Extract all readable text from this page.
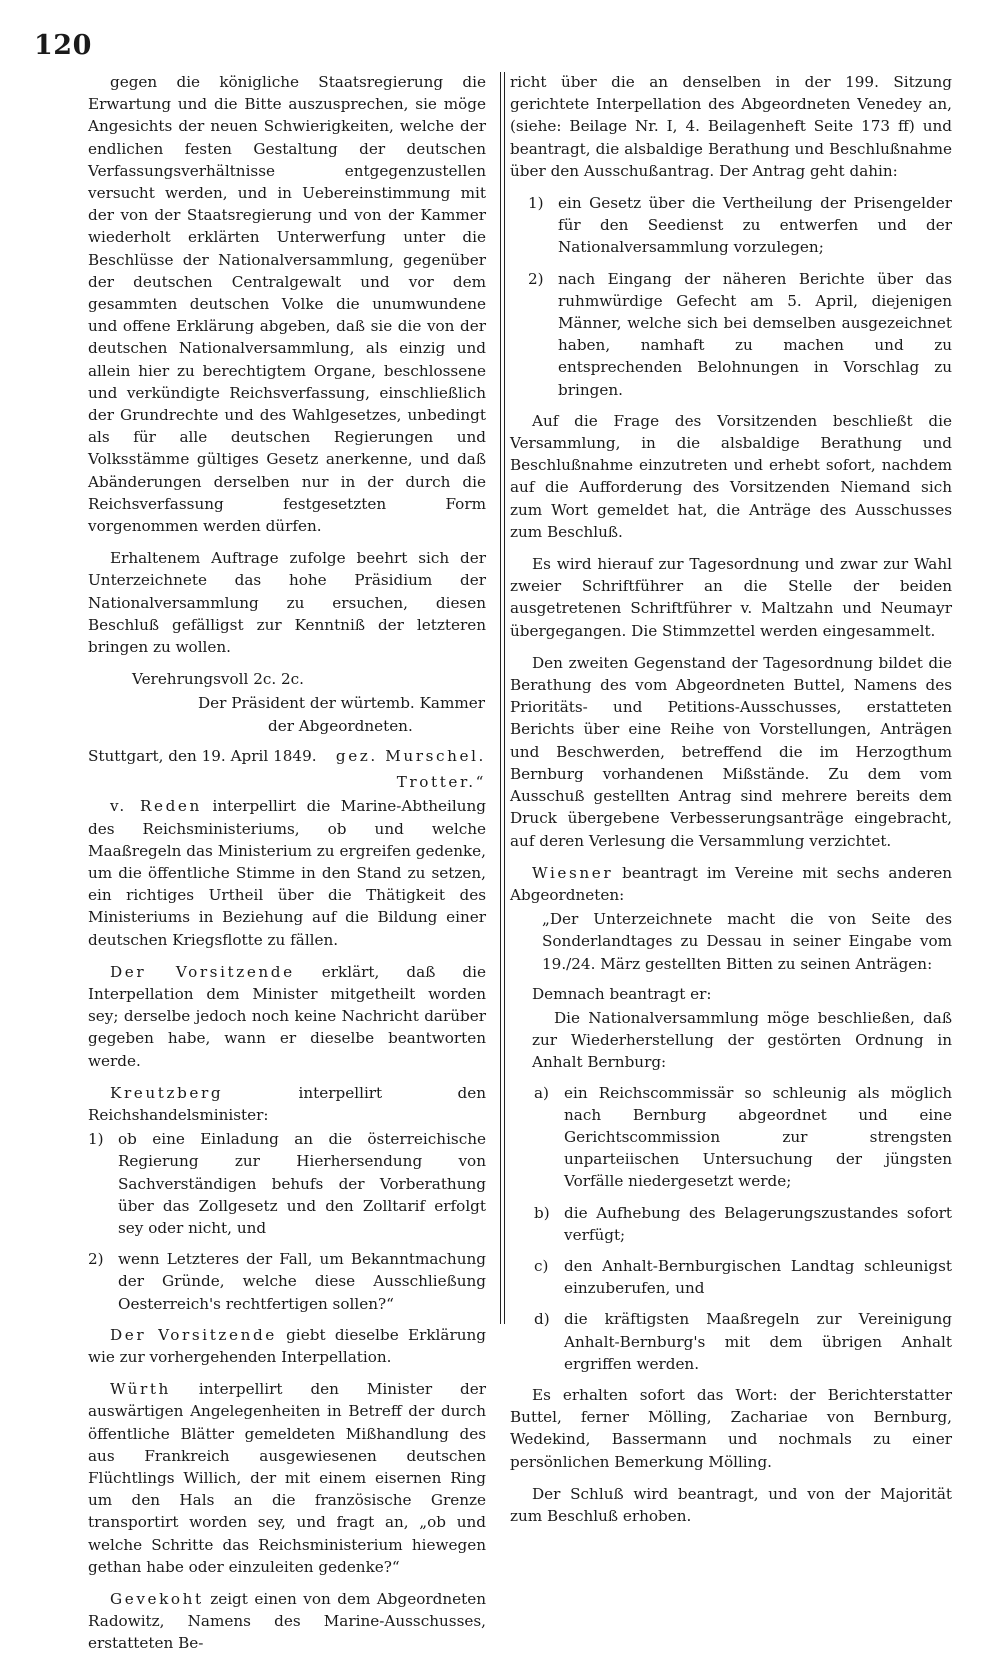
120

gegen die königliche Staatsregierung die Erwartung und die Bitte auszusprechen, sie möge Angesichts der neuen Schwierigkeiten, welche der endlichen festen Gestaltung der deutschen Verfassungsverhältnisse entgegenzustellen versucht werden, und in Uebereinstimmung mit der von der Staatsregierung und von der Kammer wiederholt erklärten Unterwerfung unter die Beschlüsse der Nationalversammlung, gegenüber der deutschen Centralgewalt und vor dem gesammten deutschen Volke die unumwundene und offene Erklärung abgeben, daß sie die von der deutschen Nationalversammlung, als einzig und allein hier zu berechtigtem Organe, beschlossene und verkündigte Reichsverfassung, einschließlich der Grundrechte und des Wahlgesetzes, unbedingt als für alle deutschen Regierungen und Volksstämme gültiges Gesetz anerkenne, und daß Abänderungen derselben nur in der durch die Reichsverfassung festgesetzten Form vorgenommen werden dürfen.

Erhaltenem Auftrage zufolge beehrt sich der Unterzeichnete das hohe Präsidium der Nationalversammlung zu ersuchen, diesen Beschluß gefälligst zur Kenntniß der letzteren bringen zu wollen.

Verehrungsvoll 2c. 2c.

Der Präsident der würtemb. Kammer
der Abgeordneten.
Stuttgart, den 19. April 1849. gez. Murschel.
Trotter.“

v. Reden interpellirt die Marine-Abtheilung des Reichsministeriums, ob und welche Maaßregeln das Ministerium zu ergreifen gedenke, um die öffentliche Stimme in den Stand zu setzen, ein richtiges Urtheil über die Thätigkeit des Ministeriums in Beziehung auf die Bildung einer deutschen Kriegsflotte zu fällen.

Der Vorsitzende erklärt, daß die Interpellation dem Minister mitgetheilt worden sey; derselbe jedoch noch keine Nachricht darüber gegeben habe, wann er dieselbe beantworten werde.

Kreutzberg interpellirt den Reichshandelsminister:

1) ob eine Einladung an die österreichische Regierung zur Hierhersendung von Sachverständigen behufs der Vorberathung über das Zollgesetz und den Zolltarif erfolgt sey oder nicht, und
2) wenn Letzteres der Fall, um Bekanntmachung der Gründe, welche diese Ausschließung Oesterreich's rechtfertigen sollen?“

Der Vorsitzende giebt dieselbe Erklärung wie zur vorhergehenden Interpellation.

Würth interpellirt den Minister der auswärtigen Angelegenheiten in Betreff der durch öffentliche Blätter gemeldeten Mißhandlung des aus Frankreich ausgewiesenen deutschen Flüchtlings Willich, der mit einem eisernen Ring um den Hals an die französische Grenze transportirt worden sey, und fragt an, „ob und welche Schritte das Reichsministerium hiewegen gethan habe oder einzuleiten gedenke?“

Gevekoht zeigt einen von dem Abgeordneten Radowitz, Namens des Marine-Ausschusses, erstatteten Be-

richt über die an denselben in der 199. Sitzung gerichtete Interpellation des Abgeordneten Venedey an, (siehe: Beilage Nr. I, 4. Beilagenheft Seite 173 ff) und beantragt, die alsbaldige Berathung und Beschlußnahme über den Ausschußantrag. Der Antrag geht dahin:

1) ein Gesetz über die Vertheilung der Prisengelder für den Seedienst zu entwerfen und der Nationalversammlung vorzulegen;
2) nach Eingang der näheren Berichte über das ruhmwürdige Gefecht am 5. April, diejenigen Männer, welche sich bei demselben ausgezeichnet haben, namhaft zu machen und zu entsprechenden Belohnungen in Vorschlag zu bringen.

Auf die Frage des Vorsitzenden beschließt die Versammlung, in die alsbaldige Berathung und Beschlußnahme einzutreten und erhebt sofort, nachdem auf die Aufforderung des Vorsitzenden Niemand sich zum Wort gemeldet hat, die Anträge des Ausschusses zum Beschluß.

Es wird hierauf zur Tagesordnung und zwar zur Wahl zweier Schriftführer an die Stelle der beiden ausgetretenen Schriftführer v. Maltzahn und Neumayr übergegangen. Die Stimmzettel werden eingesammelt.

Den zweiten Gegenstand der Tagesordnung bildet die Berathung des vom Abgeordneten Buttel, Namens des Prioritäts- und Petitions-Ausschusses, erstatteten Berichts über eine Reihe von Vorstellungen, Anträgen und Beschwerden, betreffend die im Herzogthum Bernburg vorhandenen Mißstände. Zu dem vom Ausschuß gestellten Antrag sind mehrere bereits dem Druck übergebene Verbesserungsanträge eingebracht, auf deren Verlesung die Versammlung verzichtet.

Wiesner beantragt im Vereine mit sechs anderen Abgeordneten:

„Der Unterzeichnete macht die von Seite des Sonderlandtages zu Dessau in seiner Eingabe vom 19./24. März gestellten Bitten zu seinen Anträgen:

Demnach beantragt er:

Die Nationalversammlung möge beschließen, daß zur Wiederherstellung der gestörten Ordnung in Anhalt Bernburg:

a) ein Reichscommissär so schleunig als möglich nach Bernburg abgeordnet und eine Gerichtscommission zur strengsten unparteiischen Untersuchung der jüngsten Vorfälle niedergesetzt werde;
b) die Aufhebung des Belagerungszustandes sofort verfügt;
c)	den Anhalt-Bernburgischen Landtag schleunigst einzuberufen, und
d) die kräftigsten Maaßregeln zur Vereinigung Anhalt-Bernburg's mit dem übrigen Anhalt ergriffen werden.

Es erhalten sofort das Wort: der Berichterstatter Buttel, ferner Mölling, Zachariae von Bernburg, Wedekind, Bassermann und nochmals zu einer persönlichen Bemerkung Mölling.

Der Schluß wird beantragt, und von der Majorität zum Beschluß erhoben.
